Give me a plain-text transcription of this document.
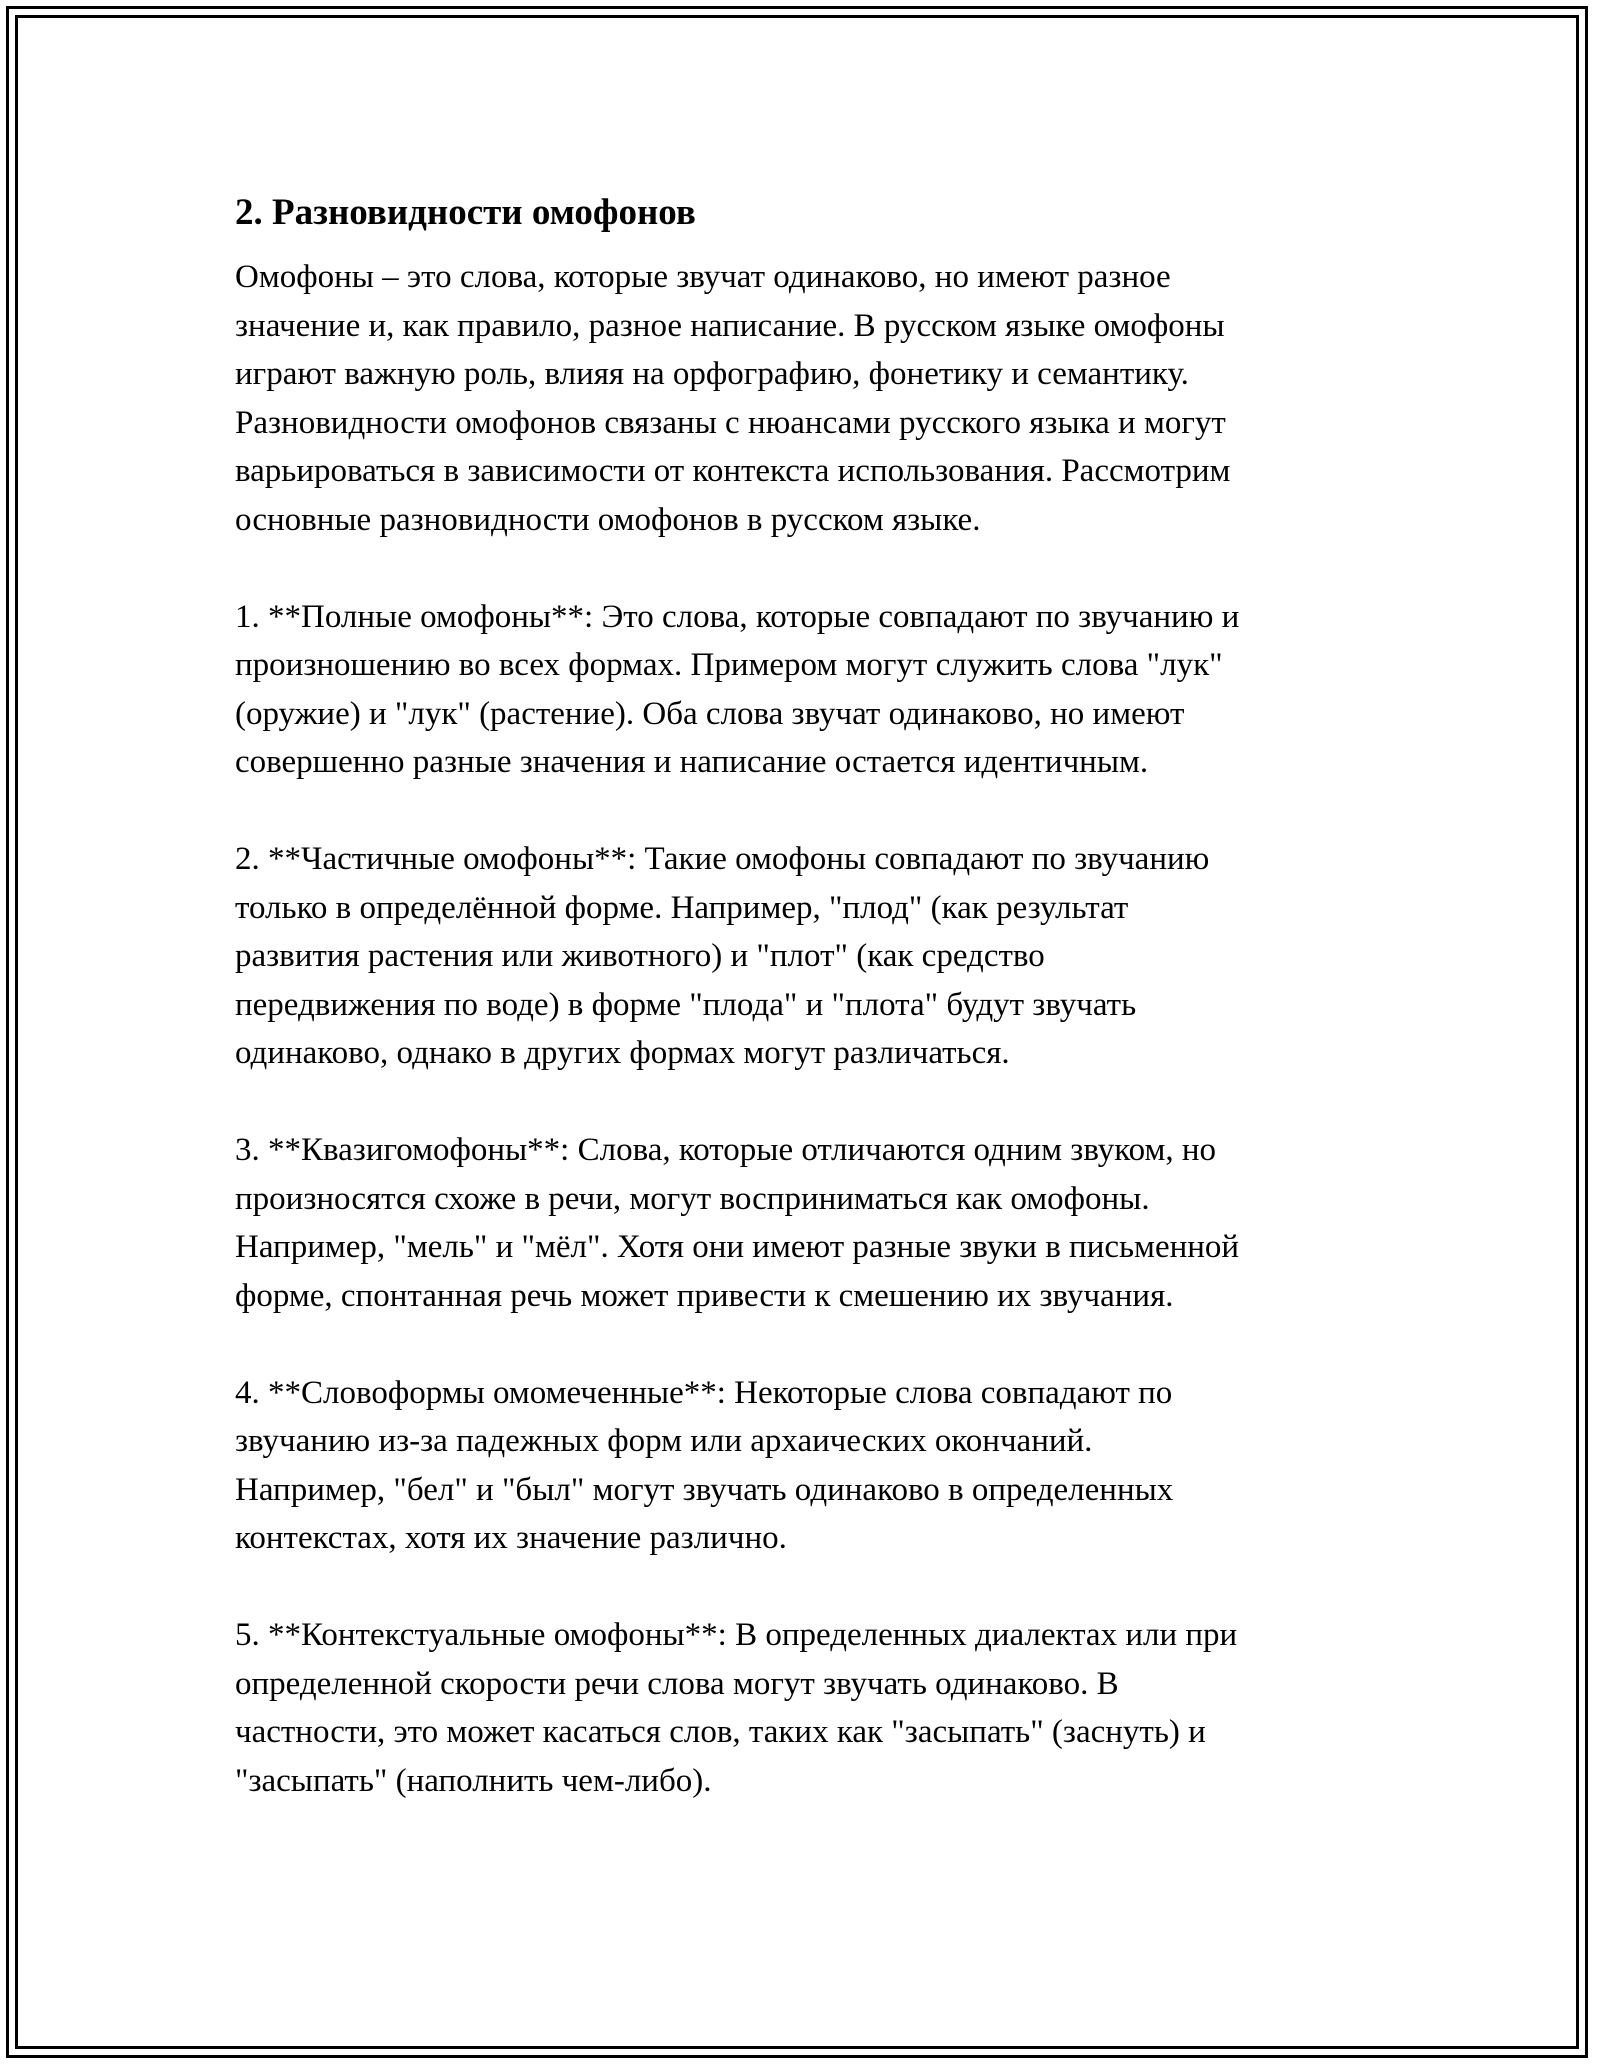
2. Разновидности омофонов

Омофоны – это слова, которые звучат одинаково, но имеют разное
значение и, как правило, разное написание. В русском языке омофоны
играют важную роль, влияя на орфографию, фонетику и семантику.
Разновидности омофонов связаны с нюансами русского языка и могут
варьироваться в зависимости от контекста использования. Рассмотрим
основные разновидности омофонов в русском языке.

1. **Полные омофоны**: Это слова, которые совпадают по звучанию и
произношению во всех формах. Примером могут служить слова "лук"
(оружие) и "лук" (растение). Оба слова звучат одинаково, но имеют
совершенно разные значения и написание остается идентичным.

2. **Частичные омофоны**: Такие омофоны совпадают по звучанию
только в определённой форме. Например, "плод" (как результат
развития растения или животного) и "плот" (как средство
передвижения по воде) в форме "плода" и "плота" будут звучать
одинаково, однако в других формах могут различаться.

3. **Квазигомофоны**: Слова, которые отличаются одним звуком, но
произносятся схоже в речи, могут восприниматься как омофоны.
Например, "мель" и "мёл". Хотя они имеют разные звуки в письменной
форме, спонтанная речь может привести к смешению их звучания.

4. **Словоформы омомеченные**: Некоторые слова совпадают по
звучанию из-за падежных форм или архаических окончаний.
Например, "бел" и "был" могут звучать одинаково в определенных
контекстах, хотя их значение различно.

5. **Контекстуальные омофоны**: В определенных диалектах или при
определенной скорости речи слова могут звучать одинаково. В
частности, это может касаться слов, таких как "засыпать" (заснуть) и
"засыпать" (наполнить чем-либо).
